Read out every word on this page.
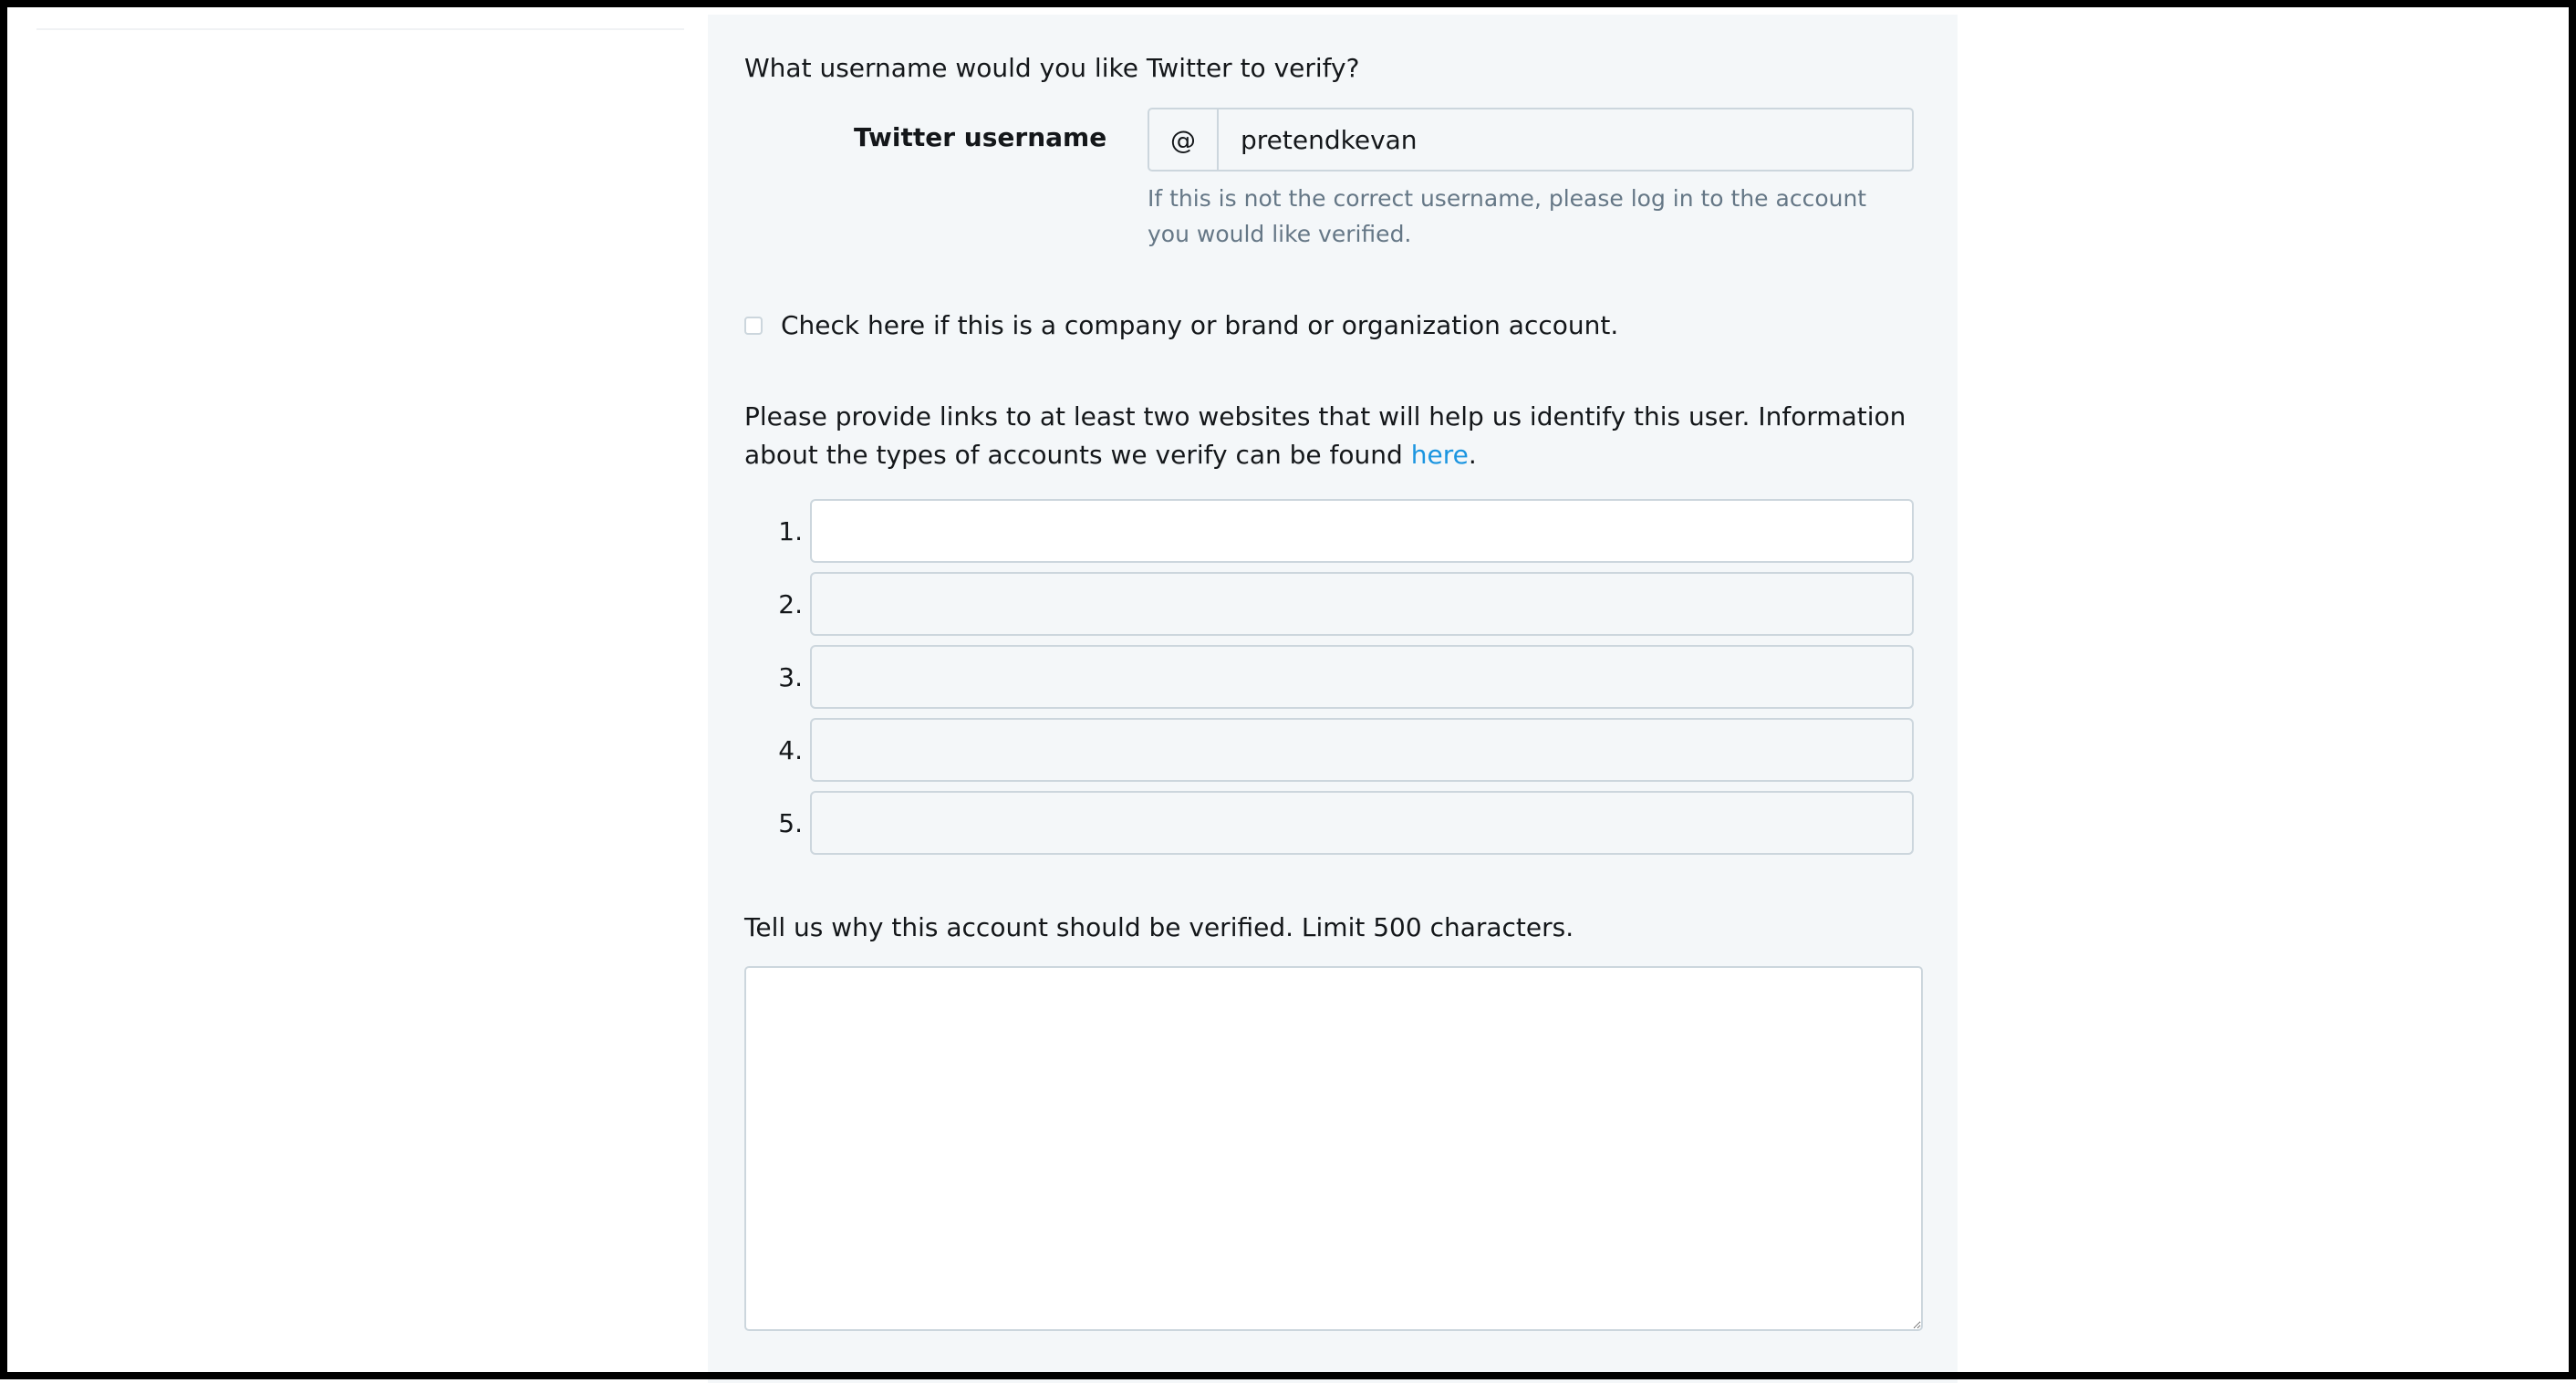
What username would you like Twitter to verify?
Twitter username	@	pretendkevan
If this is not the correct username, please log in to the account you would like verified.
Check here if this is a company or brand or organization account.
Please provide links to at least two websites that will help us identify this user. Information about the types of accounts we verify can be found here.
1.
2.
3.
4.
5.
Tell us why this account should be verified. Limit 500 characters.
